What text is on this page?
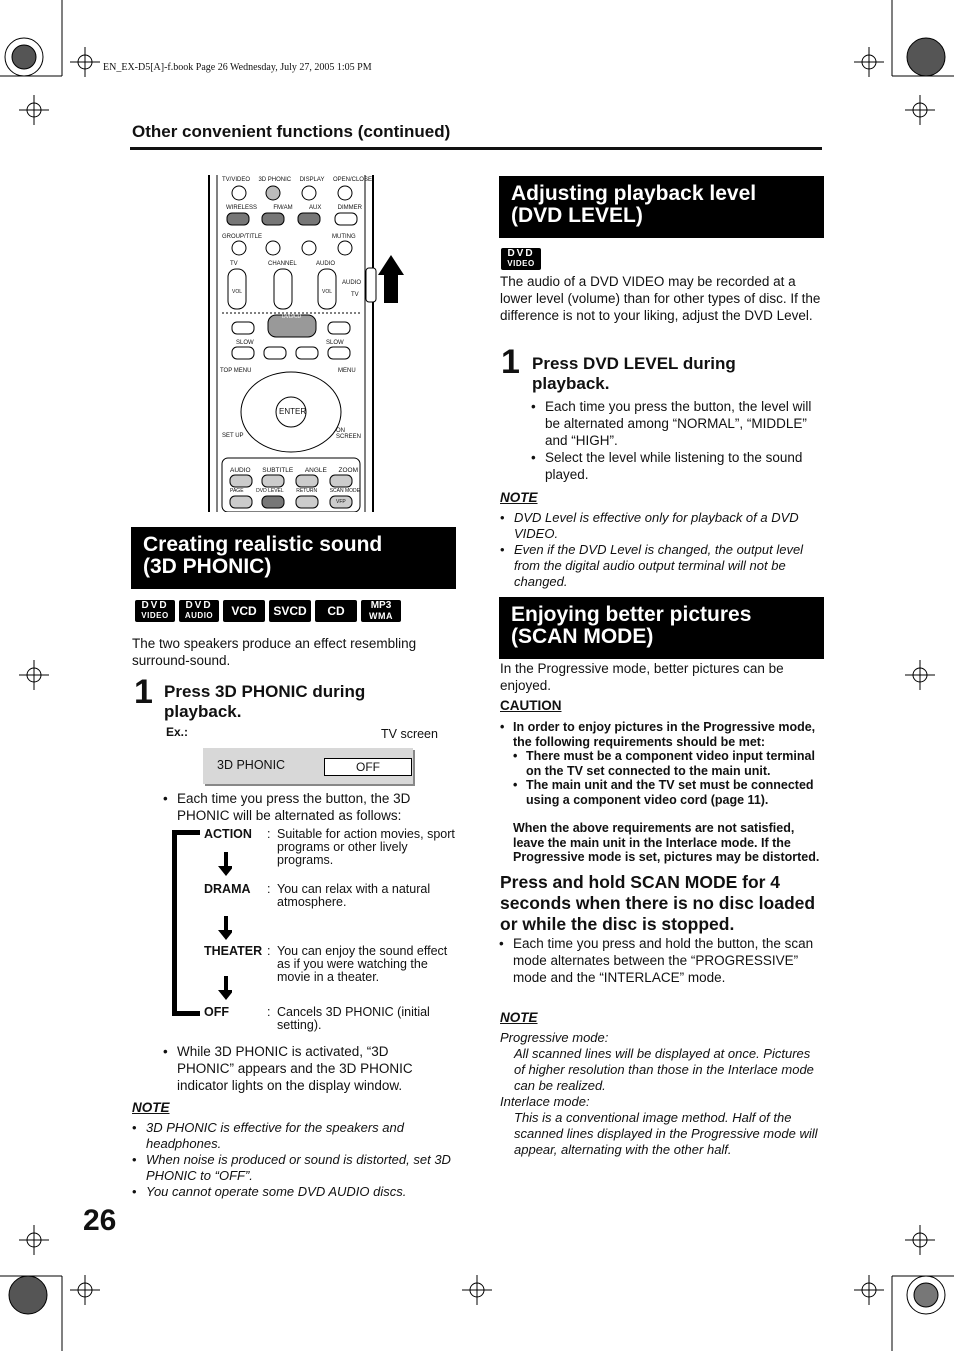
EN_EX-D5[A]-f.book Page 26 Wednesday, July 27, 2005 1:05 PM
Other convenient functions (continued)
TV/VIDEO 3D PHONIC DISPLAY OPEN/CLOSE
WIRELESS	FM/AM	AUX	DIMMER
GROUP/TITLE	MUTING
TV	CHANNEL	AUDIO
VOL	VOL
DVD/CD
SLOW	SLOW
TOP MENU	MENU
ENTER
SET UP
ON SCREEN
AUDIO SUBTITLE ANGLE ZOOM
PAGE	DVD LEVEL	RETURN	SCAN MODE
VFP
AUDIO
TV
Creating realistic sound
(3D PHONIC)
DVD
VIDEO
DVD
AUDIO	VCD SVCD CD	MP3
WMA
The two speakers produce an effect resembling surround-sound.
1 Press 3D PHONIC during playback.
Ex.:	TV screen
3D PHONIC	OFF
• Each time you press the button, the 3D PHONIC will be alternated as follows:
ACTION	: Suitable for action movies, sport programs or other lively programs.
DRAMA	: You can relax with a natural atmosphere.
THEATER : You can enjoy the sound effect as if you were watching the movie in a theater.
OFF	: Cancels 3D PHONIC (initial setting).
• While 3D PHONIC is activated, “3D PHONIC” appears and the 3D PHONIC indicator lights on the display window.
NOTE
• 3D PHONIC is effective for the speakers and headphones.
• When noise is produced or sound is distorted, set 3D PHONIC to “OFF”.
• You cannot operate some DVD AUDIO discs.
26
Adjusting playback level
(DVD LEVEL)
DVD
VIDEO
The audio of a DVD VIDEO may be recorded at a lower level (volume) than for other types of disc. If the difference is not to your liking, adjust the DVD Level.
1 Press DVD LEVEL during playback.
• Each time you press the button, the level will be alternated among “NORMAL”, “MIDDLE” and “HIGH”.
• Select the level while listening to the sound played.
NOTE
• DVD Level is effective only for playback of a DVD VIDEO.
• Even if the DVD Level is changed, the output level from the digital audio output terminal will not be changed.
Enjoying better pictures
(SCAN MODE)
In the Progressive mode, better pictures can be enjoyed.
CAUTION
• In order to enjoy pictures in the Progressive mode, the following requirements should be met:
• There must be a component video input terminal on the TV set connected to the main unit.
• The main unit and the TV set must be connected using a component video cord (page 11).
When the above requirements are not satisfied, leave the main unit in the Interlace mode. If the Progressive mode is set, pictures may be distorted.
Press and hold SCAN MODE for 4 seconds when there is no disc loaded or while the disc is stopped.
• Each time you press and hold the button, the scan mode alternates between the “PROGRESSIVE” mode and the “INTERLACE” mode.
NOTE
Progressive mode:
All scanned lines will be displayed at once. Pictures of higher resolution than those in the Interlace mode can be realized.
Interlace mode:
This is a conventional image method. Half of the scanned lines displayed in the Progressive mode will appear, alternating with the other half.
